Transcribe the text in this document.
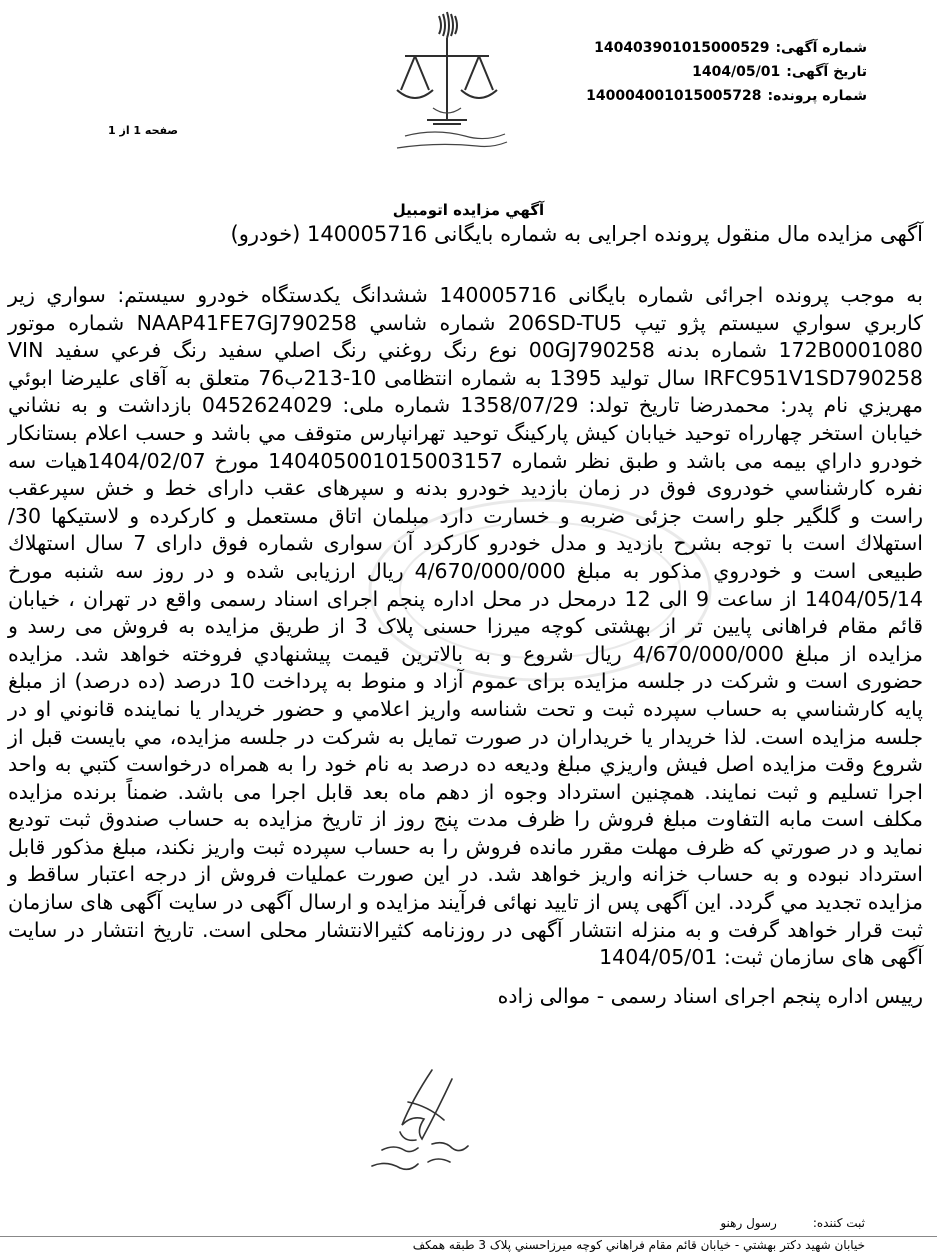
شماره آگهی:140403901015000529
تاریخ آگهی:1404/05/01
شماره پرونده:140004001015005728
صفحه 1 از 1
آگهي مزايده اتومبيل
آگهی مزایده مال منقول پرونده اجرایی به شماره بایگانی 140005716 (خودرو)

به موجب پرونده اجرائی شماره بایگانی 140005716 ششدانگ يكدستگاه خودرو سيستم: سواري زير كاربري سواري سيستم پژو تيپ 206SD-TU5 شماره شاسي NAAP41FE7GJ790258 شماره موتور 172B0001080 شماره بدنه 00GJ790258 نوع رنگ روغني رنگ اصلي سفيد رنگ فرعي سفيد VIN IRFC951V1SD790258 سال توليد 1395 به شماره انتظامی 10-213ب76 متعلق به آقای عليرضا ابوئي مهريزي نام پدر: محمدرضا تاریخ تولد: 1358/07/29 شماره ملی: 0452624029 بازداشت و به نشاني خيابان استخر چهارراه توحيد خيابان كيش پاركينگ توحيد تهرانپارس متوقف مي باشد و حسب اعلام بستانكار خودرو داراي بيمه می باشد و طبق نظر شماره 140405001015003157 مورخ 1404/02/07هيات سه نفره كارشناسي خودروی فوق در زمان بازديد خودرو بدنه و سپرهای عقب دارای خط و خش سپرعقب راست و گلگير جلو راست جزئی ضربه و خسارت دارد مبلمان اتاق مستعمل و كاركرده و لاستيكها 30/ استهلاك است با توجه بشرح بازديد و مدل خودرو كاركرد آن سواری شماره فوق دارای 7 سال استهلاك طبيعی است و خودروي مذكور به مبلغ 4/670/000/000 ريال ارزيابی شده و در روز سه شنبه مورخ 1404/05/14 از ساعت 9 الی 12 درمحل در محل اداره پنجم اجرای اسناد رسمی واقع در تهران ، خيابان قائم مقام فراهانی پايين تر از بهشتی كوچه ميرزا حسنی پلاک 3 از طريق مزايده به فروش می رسد و مزايده از مبلغ 4/670/000/000 ريال شروع و به بالاترين قيمت پيشنهادي فروخته خواهد شد. مزایده حضوری است و شرکت در جلسه مزایده برای عموم آزاد و منوط به پرداخت 10 درصد (ده درصد) از مبلغ پايه كارشناسي به حساب سپرده ثبت و تحت شناسه واريز اعلامي و حضور خريدار يا نماينده قانوني او در جلسه مزايده است. لذا خريدار يا خريداران در صورت تمايل به شركت در جلسه مزايده، مي بايست قبل از شروع وقت مزايده اصل فيش واريزي مبلغ وديعه ده درصد به نام خود را به همراه درخواست كتبي به واحد اجرا تسليم و ثبت نمايند. همچنین استرداد وجوه از دهم ماه بعد قابل اجرا می باشد. ضمناً برنده مزايده مكلف است مابه التفاوت مبلغ فروش را ظرف مدت پنج روز از تاريخ مزايده به حساب صندوق ثبت توديع نمايد و در صورتي كه ظرف مهلت مقرر مانده فروش را به حساب سپرده ثبت واريز نكند، مبلغ مذكور قابل استرداد نبوده و به حساب خزانه واريز خواهد شد. در این صورت عملیات فروش از درجه اعتبار ساقط و مزایده تجدید مي گردد. این آگهی پس از تایید نهائی فرآیند مزایده و ارسال آگهی در سایت آگهی های سازمان ثبت قرار خواهد گرفت و به منزله انتشار آگهی در روزنامه کثیرالانتشار محلی است. تاریخ انتشار در سایت آگهی های سازمان ثبت: 1404/05/01

رييس اداره پنجم اجرای اسناد رسمی - موالی زاده
ثبت كننده:رسول رهنو
خيابان شهيد دكتر بهشتي - خيابان قائم مقام فراهاني كوچه ميرزاحسني پلاک 3 طبقه همكف
